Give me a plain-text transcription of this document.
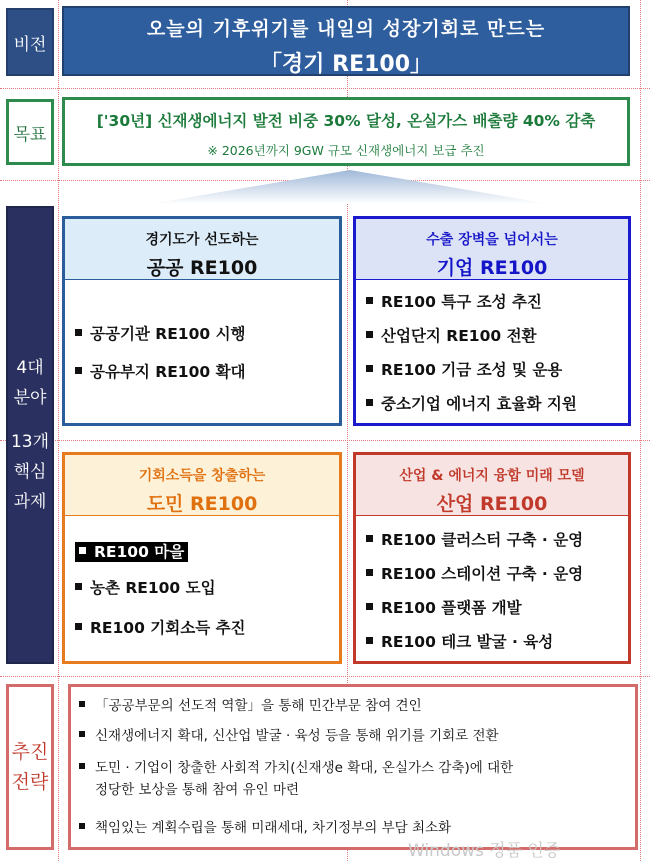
비전
목표
4대
분야
13개
핵심
과제
추진
전략
오늘의 기후위기를 내일의 성장기회로 만드는
「경기 RE100」
['30년] 신재생에너지 발전 비중 30% 달성, 온실가스 배출량 40% 감축
※ 2026년까지 9GW 규모 신재생에너지 보급 추진
경기도가 선도하는
공공 RE100
공공기관 RE100 시행
공유부지 RE100 확대
수출 장벽을 넘어서는
기업 RE100
RE100 특구 조성 추진
산업단지 RE100 전환
RE100 기금 조성 및 운용
중소기업 에너지 효율화 지원
기회소득을 창출하는
도민 RE100
RE100 마을
농촌 RE100 도입
RE100 기회소득 추진
산업 & 에너지 융합 미래 모델
산업 RE100
RE100 클러스터 구축 · 운영
RE100 스테이션 구축 · 운영
RE100 플랫폼 개발
RE100 테크 발굴 · 육성
「공공부문의 선도적 역할」을 통해 민간부문 참여 견인
신재생에너지 확대, 신산업 발굴 · 육성 등을 통해 위기를 기회로 전환
도민 · 기업이 창출한 사회적 가치(신재생e 확대, 온실가스 감축)에 대한
정당한 보상을 통해 참여 유인 마련
책임있는 계획수립을 통해 미래세대, 차기정부의 부담 최소화
Windows 정품 인증
